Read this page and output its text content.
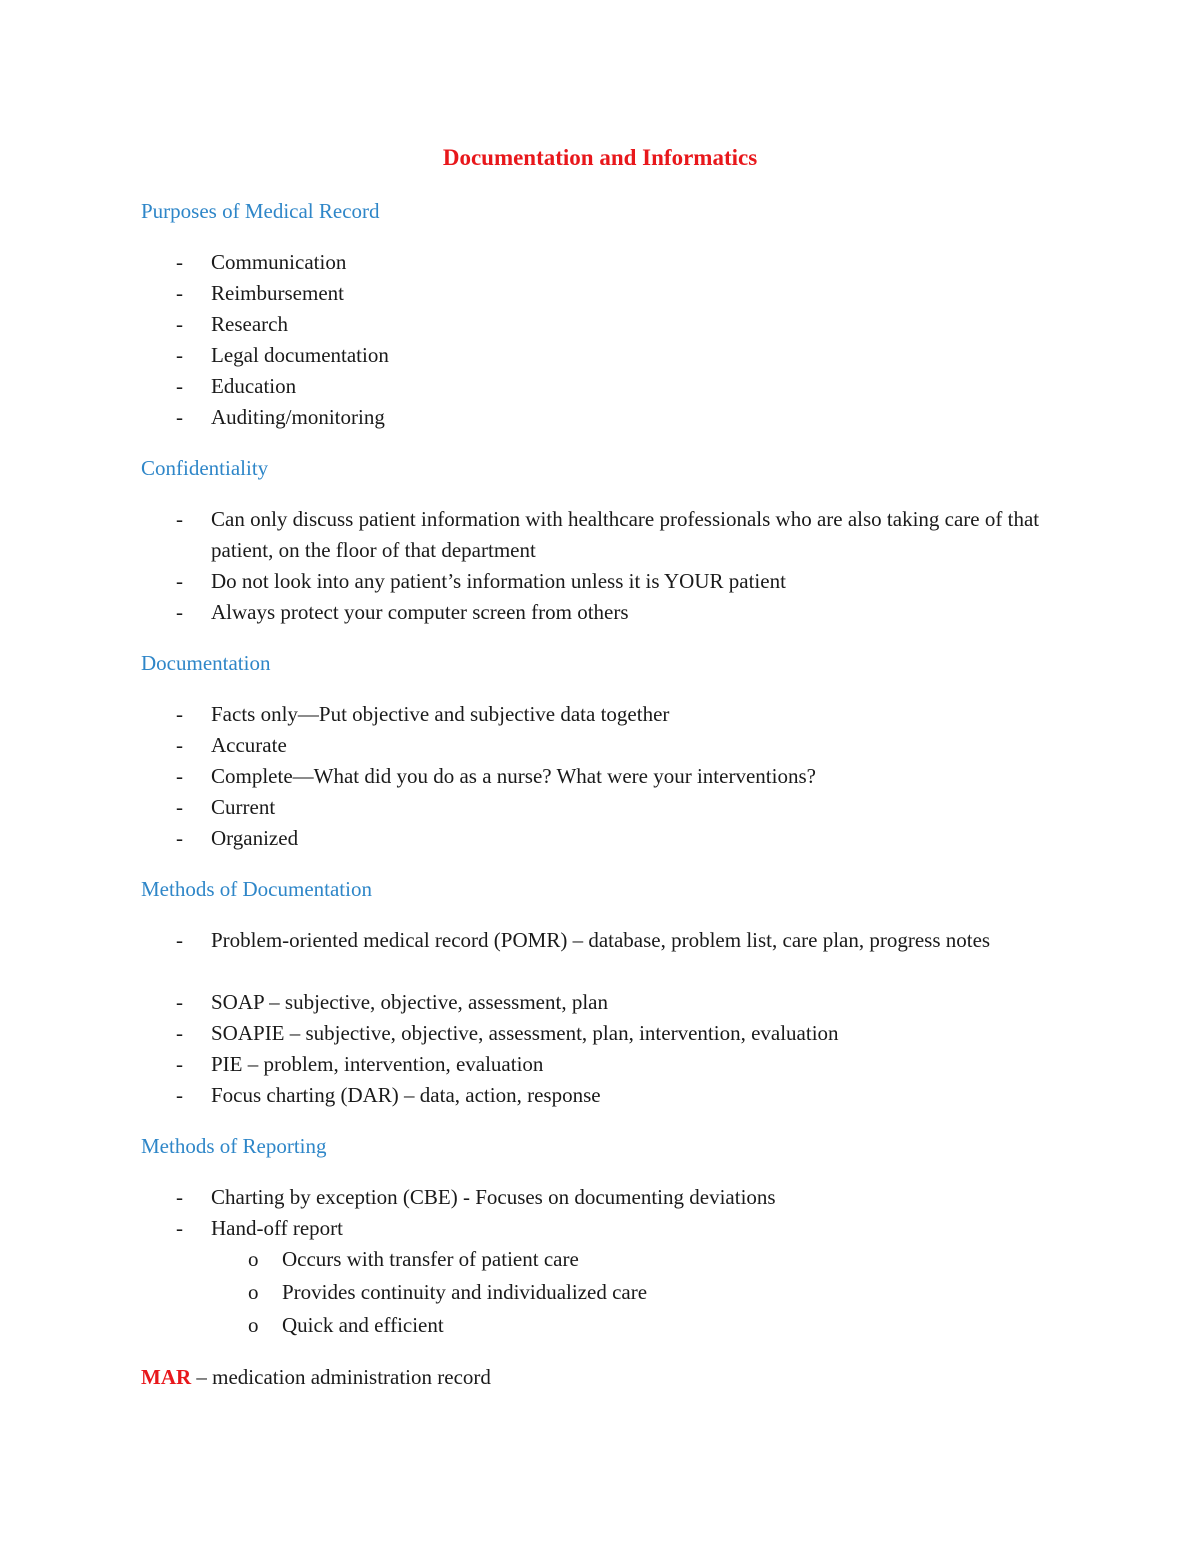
Documentation and Informatics
Purposes of Medical Record
-	Communication
-	Reimbursement
-	Research
-	Legal documentation
-	Education
-	Auditing/monitoring
Confidentiality
-	Can only discuss patient information with healthcare professionals who are also taking care of that patient, on the floor of that department
-	Do not look into any patient’s information unless it is YOUR patient
-	Always protect your computer screen from others
Documentation
-	Facts only—Put objective and subjective data together
-	Accurate
-	Complete—What did you do as a nurse? What were your interventions?
-	Current
-	Organized
Methods of Documentation
-	Problem-oriented medical record (POMR) – database, problem list, care plan, progress notes
-	SOAP – subjective, objective, assessment, plan
-	SOAPIE – subjective, objective, assessment, plan, intervention, evaluation
-	PIE – problem, intervention, evaluation
-	Focus charting (DAR) – data, action, response
Methods of Reporting
-	Charting by exception (CBE) - Focuses on documenting deviations
-	Hand-off report
o	Occurs with transfer of patient care
o	Provides continuity and individualized care
o	Quick and efficient
MAR – medication administration record
